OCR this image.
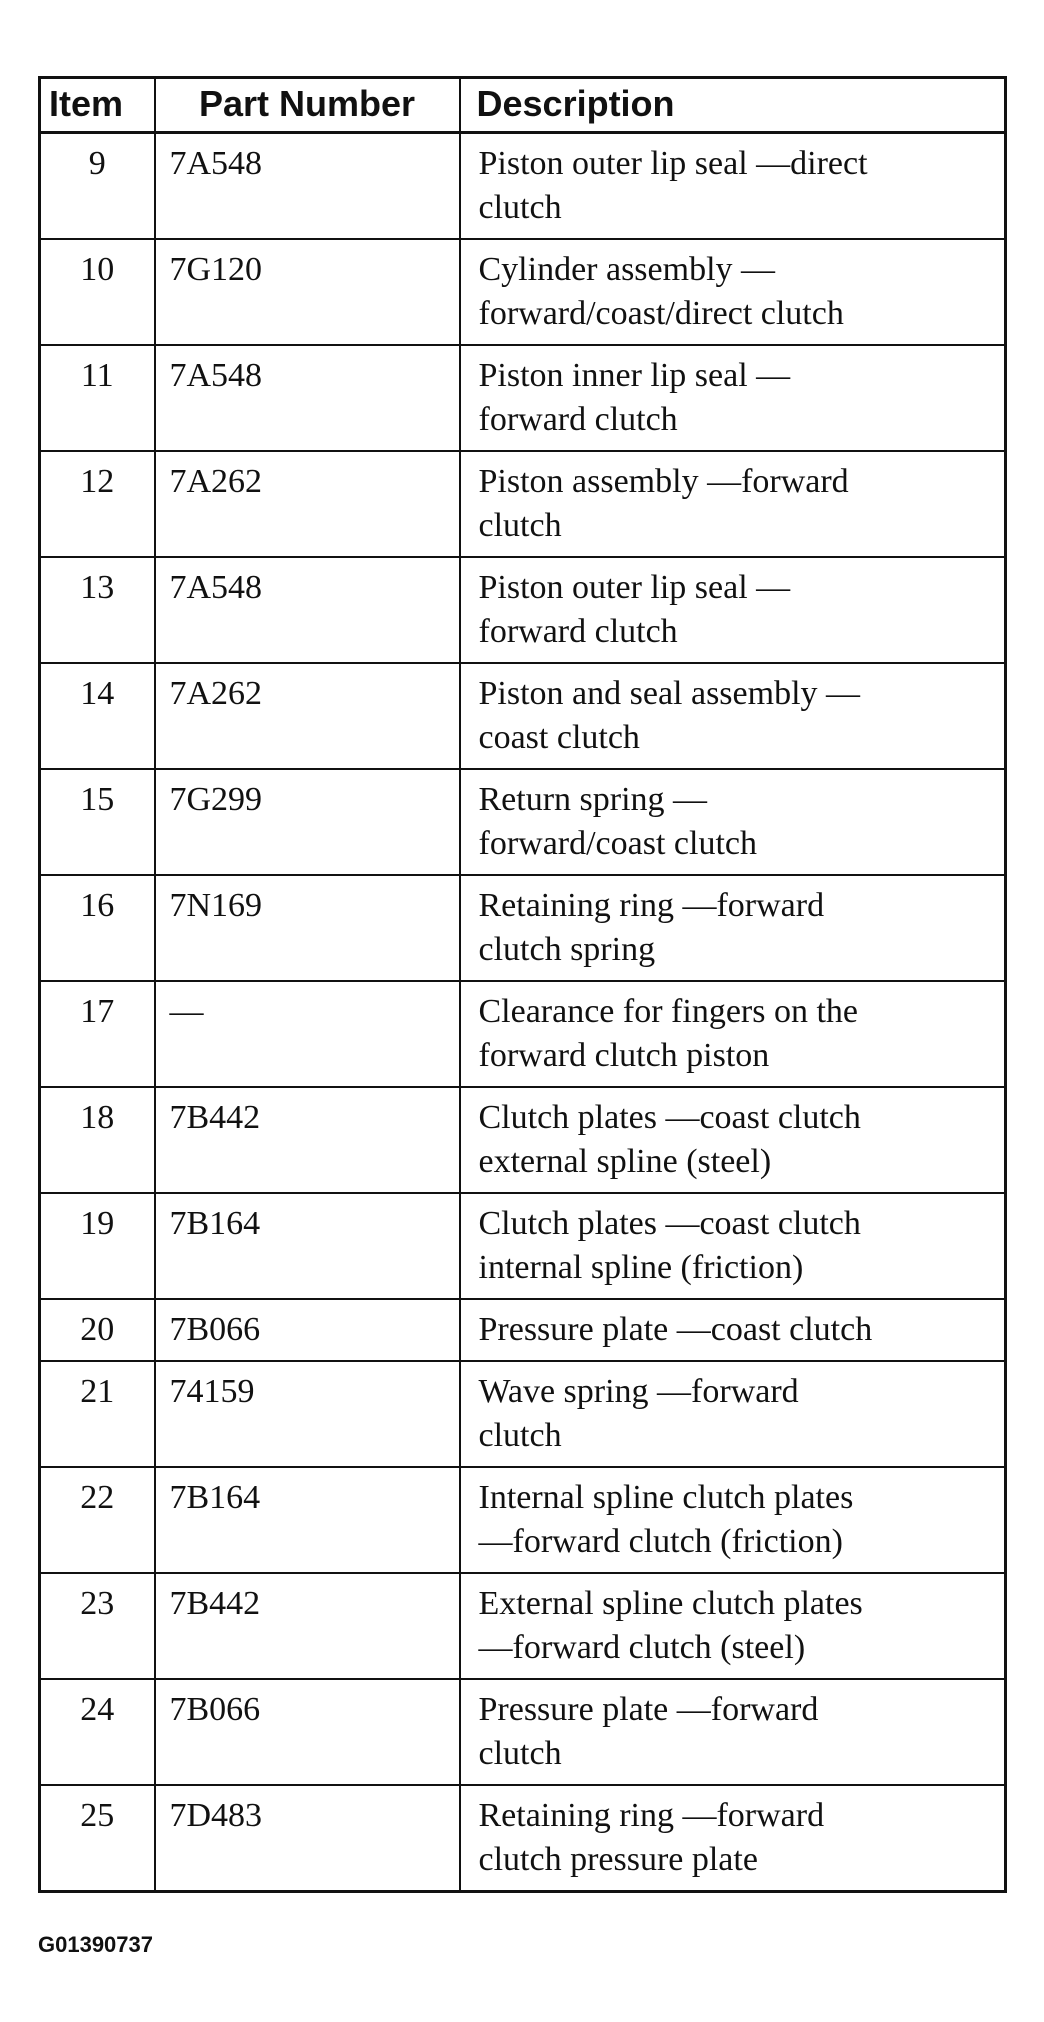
Item	Part Number	Description
9	7A548	Piston outer lip seal —direct
clutch

10	7G120	Cylinder assembly —
forward/coast/direct clutch

11	7A548	Piston inner lip seal —
forward clutch

12	7A262	Piston assembly —forward
clutch

13	7A548	Piston outer lip seal —
forward clutch

14	7A262	Piston and seal assembly —
coast clutch

15	7G299	Return spring —
forward/coast clutch

16	7N169	Retaining ring —forward
clutch spring

17	—	Clearance for fingers on the
forward clutch piston

18	7B442	Clutch plates —coast clutch
external spline (steel)

19	7B164	Clutch plates —coast clutch
internal spline (friction)

20	7B066	Pressure plate —coast clutch

21	74159	Wave spring —forward
clutch

22	7B164	Internal spline clutch plates
—forward clutch (friction)

23	7B442	External spline clutch plates
—forward clutch (steel)

24	7B066	Pressure plate —forward
clutch

25	7D483	Retaining ring —forward
clutch pressure plate
G01390737
